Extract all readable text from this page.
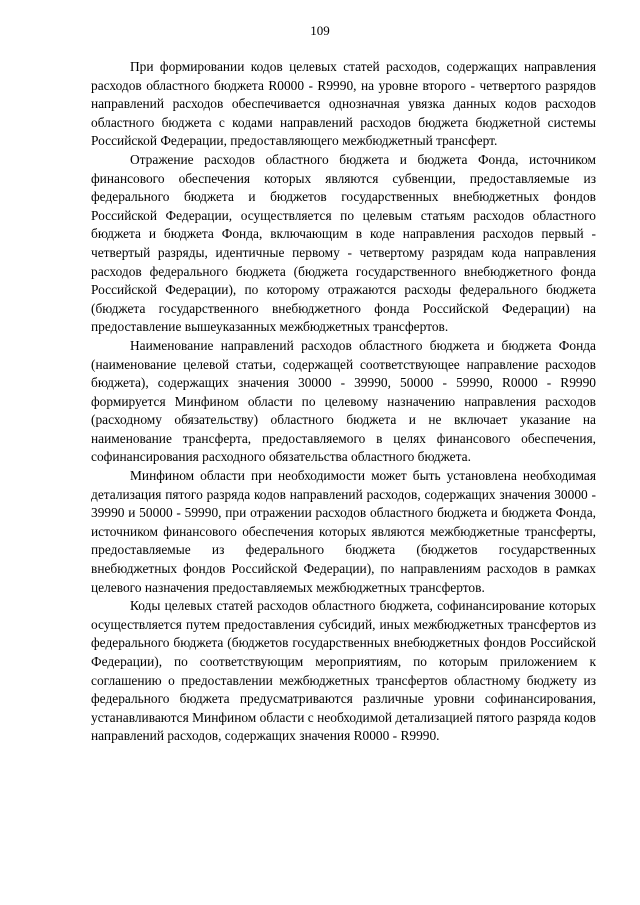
109

При формировании кодов целевых статей расходов, содержащих направления расходов областного бюджета R0000 - R9990, на уровне второго - четвертого разрядов направлений расходов обеспечивается однозначная увязка данных кодов расходов областного бюджета с кодами направлений расходов бюджета бюджетной системы Российской Федерации, предоставляющего межбюджетный трансферт.

Отражение расходов областного бюджета и бюджета Фонда, источником финансового обеспечения которых являются субвенции, предоставляемые из федерального бюджета и бюджетов государственных внебюджетных фондов Российской Федерации, осуществляется по целевым статьям расходов областного бюджета и бюджета Фонда, включающим в коде направления расходов первый - четвертый разряды, идентичные первому - четвертому разрядам кода направления расходов федерального бюджета (бюджета государственного внебюджетного фонда Российской Федерации), по которому отражаются расходы федерального бюджета (бюджета государственного внебюджетного фонда Российской Федерации) на предоставление вышеуказанных межбюджетных трансфертов.

Наименование направлений расходов областного бюджета и бюджета Фонда (наименование целевой статьи, содержащей соответствующее направление расходов бюджета), содержащих значения 30000 - 39990, 50000 - 59990, R0000 - R9990 формируется Минфином области по целевому назначению направления расходов (расходному обязательству) областного бюджета и не включает указание на наименование трансферта, предоставляемого в целях финансового обеспечения, софинансирования расходного обязательства областного бюджета.

Минфином области при необходимости может быть установлена необходимая детализация пятого разряда кодов направлений расходов, содержащих значения 30000 - 39990 и 50000 - 59990, при отражении расходов областного бюджета и бюджета Фонда, источником финансового обеспечения которых являются межбюджетные трансферты, предоставляемые из федерального бюджета (бюджетов государственных внебюджетных фондов Российской Федерации), по направлениям расходов в рамках целевого назначения предоставляемых межбюджетных трансфертов.

Коды целевых статей расходов областного бюджета, софинансирование которых осуществляется путем предоставления субсидий, иных межбюджетных трансфертов из федерального бюджета (бюджетов государственных внебюджетных фондов Российской Федерации), по соответствующим мероприятиям, по которым приложением к соглашению о предоставлении межбюджетных трансфертов областному бюджету из федерального бюджета предусматриваются различные уровни софинансирования, устанавливаются Минфином области с необходимой детализацией пятого разряда кодов направлений расходов, содержащих значения R0000 - R9990.
